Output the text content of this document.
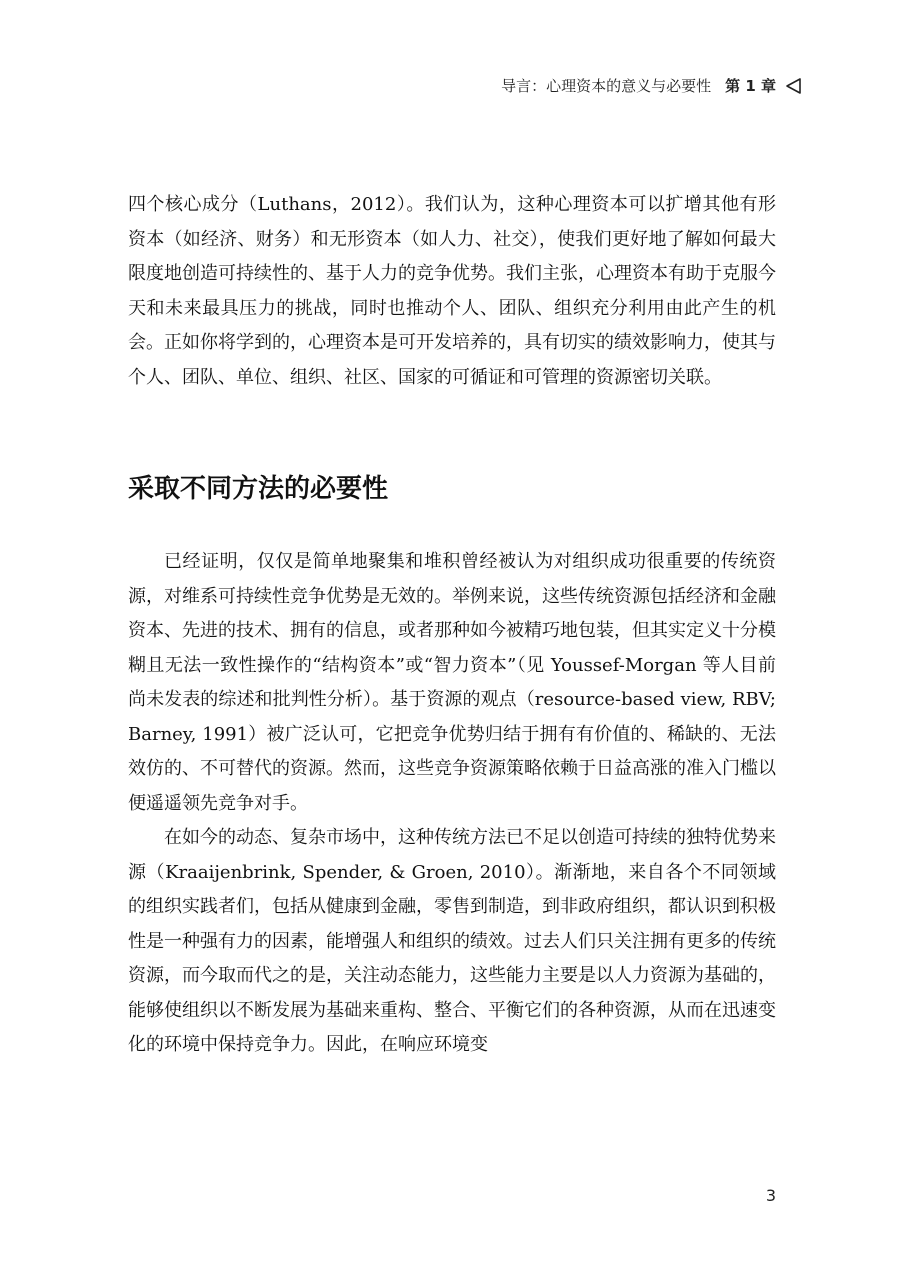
导言：心理资本的意义与必要性 第 1 章

四个核心成分（Luthans，2012）。我们认为，这种心理资本可以扩增其他有形资本（如经济、财务）和无形资本（如人力、社交），使我们更好地了解如何最大限度地创造可持续性的、基于人力的竞争优势。我们主张，心理资本有助于克服今天和未来最具压力的挑战，同时也推动个人、团队、组织充分利用由此产生的机会。正如你将学到的，心理资本是可开发培养的，具有切实的绩效影响力，使其与个人、团队、单位、组织、社区、国家的可循证和可管理的资源密切关联。

采取不同方法的必要性

已经证明，仅仅是简单地聚集和堆积曾经被认为对组织成功很重要的传统资源，对维系可持续性竞争优势是无效的。举例来说，这些传统资源包括经济和金融资本、先进的技术、拥有的信息，或者那种如今被精巧地包装，但其实定义十分模糊且无法一致性操作的“结构资本”或“智力资本”（见 Youssef-Morgan 等人目前尚未发表的综述和批判性分析）。基于资源的观点（resource-based view, RBV; Barney, 1991）被广泛认可，它把竞争优势归结于拥有有价值的、稀缺的、无法效仿的、不可替代的资源。然而，这些竞争资源策略依赖于日益高涨的准入门槛以便遥遥领先竞争对手。

在如今的动态、复杂市场中，这种传统方法已不足以创造可持续的独特优势来源（Kraaijenbrink, Spender, & Groen, 2010）。渐渐地，来自各个不同领域的组织实践者们，包括从健康到金融，零售到制造，到非政府组织，都认识到积极性是一种强有力的因素，能增强人和组织的绩效。过去人们只关注拥有更多的传统资源，而今取而代之的是，关注动态能力，这些能力主要是以人力资源为基础的，能够使组织以不断发展为基础来重构、整合、平衡它们的各种资源，从而在迅速变化的环境中保持竞争力。因此，在响应环境变

3
